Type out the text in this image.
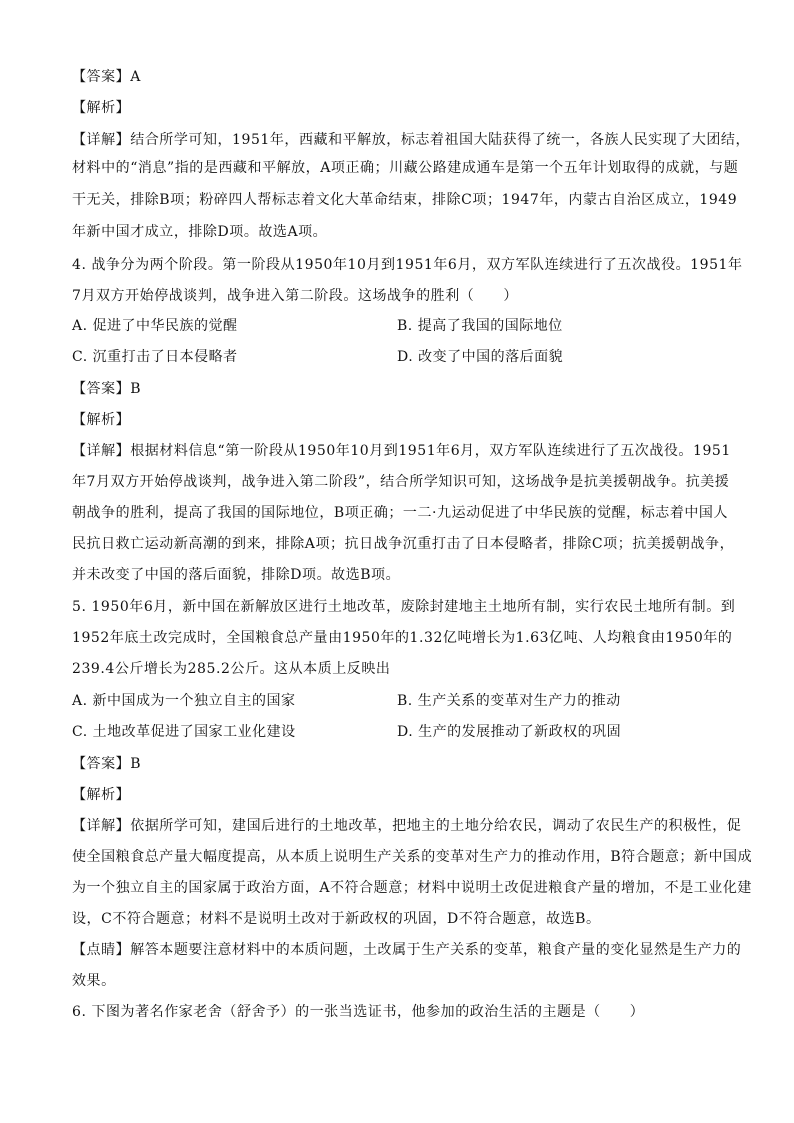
【答案】A
【解析】
【详解】结合所学可知，1951年，西藏和平解放，标志着祖国大陆获得了统一，各族人民实现了大团结，
材料中的“消息”指的是西藏和平解放，A项正确；川藏公路建成通车是第一个五年计划取得的成就，与题
干无关，排除B项；粉碎四人帮标志着文化大革命结束，排除C项；1947年，内蒙古自治区成立，1949
年新中国才成立，排除D项。故选A项。
4. 战争分为两个阶段。第一阶段从1950年10月到1951年6月，双方军队连续进行了五次战役。1951年
7月双方开始停战谈判，战争进入第二阶段。这场战争的胜利（　　）
A. 促进了中华民族的觉醒	B. 提高了我国的国际地位
C. 沉重打击了日本侵略者	D. 改变了中国的落后面貌
【答案】B
【解析】
【详解】根据材料信息“第一阶段从1950年10月到1951年6月，双方军队连续进行了五次战役。1951
年7月双方开始停战谈判，战争进入第二阶段”，结合所学知识可知，这场战争是抗美援朝战争。抗美援
朝战争的胜利，提高了我国的国际地位，B项正确；一二·九运动促进了中华民族的觉醒，标志着中国人
民抗日救亡运动新高潮的到来，排除A项；抗日战争沉重打击了日本侵略者，排除C项；抗美援朝战争，
并未改变了中国的落后面貌，排除D项。故选B项。
5. 1950年6月，新中国在新解放区进行土地改革，废除封建地主土地所有制，实行农民土地所有制。到
1952年底土改完成时，全国粮食总产量由1950年的1.32亿吨增长为1.63亿吨、人均粮食由1950年的
239.4公斤增长为285.2公斤。这从本质上反映出
A. 新中国成为一个独立自主的国家	B. 生产关系的变革对生产力的推动
C. 土地改革促进了国家工业化建设	D. 生产的发展推动了新政权的巩固
【答案】B
【解析】
【详解】依据所学可知，建国后进行的土地改革，把地主的土地分给农民，调动了农民生产的积极性，促
使全国粮食总产量大幅度提高，从本质上说明生产关系的变革对生产力的推动作用，B符合题意；新中国成
为一个独立自主的国家属于政治方面，A不符合题意；材料中说明土改促进粮食产量的增加，不是工业化建
设，C不符合题意；材料不是说明土改对于新政权的巩固，D不符合题意，故选B。
【点睛】解答本题要注意材料中的本质问题，土改属于生产关系的变革，粮食产量的变化显然是生产力的
效果。
6. 下图为著名作家老舍（舒舍予）的一张当选证书，他参加的政治生活的主题是（　　）
